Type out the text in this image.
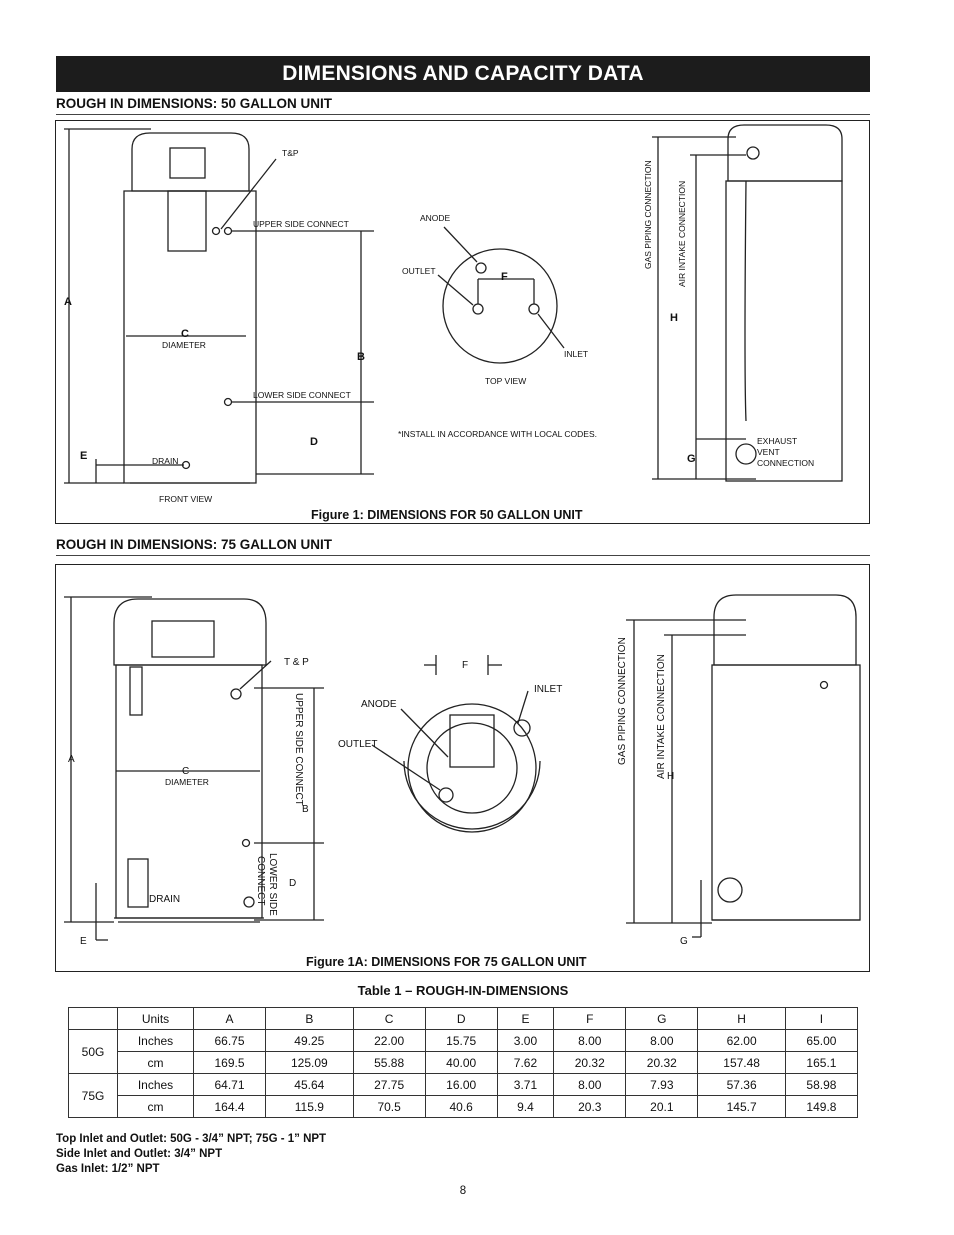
DIMENSIONS AND CAPACITY DATA
ROUGH IN DIMENSIONS: 50 GALLON UNIT
T&P
UPPER SIDE CONNECT
LOWER SIDE CONNECT
DRAIN
FRONT VIEW
C
DIAMETER
A
B
D
E
ANODE
OUTLET
INLET
F
TOP VIEW
*INSTALL IN ACCORDANCE WITH LOCAL CODES.
GAS PIPING CONNECTION	AIR INTAKE CONNECTION
H
G
EXHAUST
VENT
CONNECTION
Figure 1: DIMENSIONS FOR 50 GALLON UNIT
ROUGH IN DIMENSIONS: 75 GALLON UNIT
T & P
UPPER SIDE CONNECT
LOWER SIDE
CONNECT
DRAIN
C
DIAMETER
A
B
D
E
ANODE
OUTLET
INLET
F	GAS PIPING CONNECTION	AIR INTAKE CONNECTION H
G
Figure 1A: DIMENSIONS FOR 75 GALLON UNIT
Table 1 – ROUGH-IN-DIMENSIONS
	Units	A	B	C	D	E	F	G	H	I
50G	Inches	66.75	49.25	22.00	15.75	3.00	8.00	8.00	62.00	65.00
	cm	169.5	125.09	55.88	40.00	7.62	20.32	20.32	157.48	165.1
75G	Inches	64.71	45.64	27.75	16.00	3.71	8.00	7.93	57.36	58.98
	cm	164.4	115.9	70.5	40.6	9.4	20.3	20.1	145.7	149.8
Top Inlet and Outlet: 50G - 3/4” NPT; 75G - 1” NPT
Side Inlet and Outlet: 3/4” NPT
Gas Inlet: 1/2” NPT
8
